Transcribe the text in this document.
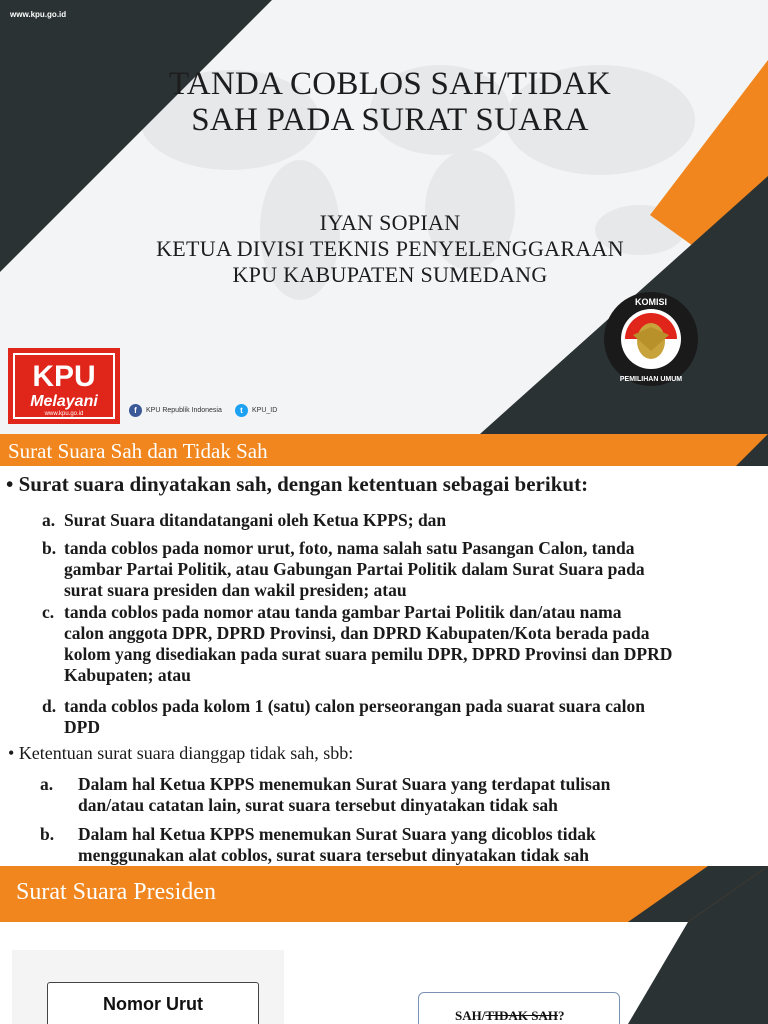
www.kpu.go.id
TANDA COBLOS SAH/TIDAK
SAH PADA SURAT SUARA
IYAN SOPIAN
KETUA DIVISI TEKNIS PENYELENGGARAAN
KPU KABUPATEN SUMEDANG
KPU
Melayani
www.kpu.go.id	f	KPU Republik Indonesia	t	KPU_ID
KOMISI
PEMILIHAN UMUM
Surat Suara Sah dan Tidak Sah
• Surat suara dinyatakan sah, dengan ketentuan sebagai berikut:
a. Surat Suara ditandatangani oleh Ketua KPPS; dan
b. tanda coblos pada nomor urut, foto, nama salah satu Pasangan Calon, tanda
gambar Partai Politik, atau Gabungan Partai Politik dalam Surat Suara pada
surat suara presiden dan wakil presiden; atau
c. tanda coblos pada nomor atau tanda gambar Partai Politik dan/atau nama
calon anggota DPR, DPRD Provinsi, dan DPRD Kabupaten/Kota berada pada
kolom yang disediakan pada surat suara pemilu DPR, DPRD Provinsi dan DPRD
Kabupaten; atau
d. tanda coblos pada kolom 1 (satu) calon perseorangan pada suarat suara calon
DPD
• Ketentuan surat suara dianggap tidak sah, sbb:
a. Dalam hal Ketua KPPS menemukan Surat Suara yang terdapat tulisan
dan/atau catatan lain, surat suara tersebut dinyatakan tidak sah
b. Dalam hal Ketua KPPS menemukan Surat Suara yang dicoblos tidak
menggunakan alat coblos, surat suara tersebut dinyatakan tidak sah
Surat Suara Presiden
Nomor Urut
SAH/TIDAK SAH?
